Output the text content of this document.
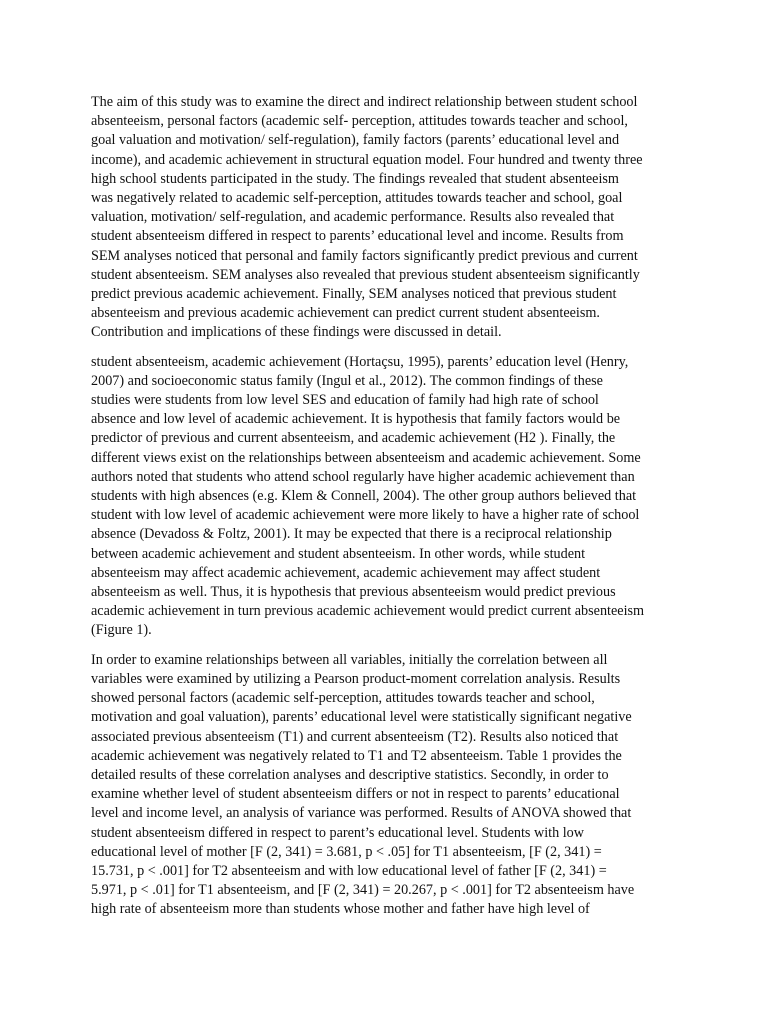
The aim of this study was to examine the direct and indirect relationship between student school
absenteeism, personal factors (academic self- perception, attitudes towards teacher and school,
goal valuation and motivation/ self-regulation), family factors (parents’ educational level and
income), and academic achievement in structural equation model. Four hundred and twenty three
high school students participated in the study. The findings revealed that student absenteeism
was negatively related to academic self-perception, attitudes towards teacher and school, goal
valuation, motivation/ self-regulation, and academic performance. Results also revealed that
student absenteeism differed in respect to parents’ educational level and income. Results from
SEM analyses noticed that personal and family factors significantly predict previous and current
student absenteeism. SEM analyses also revealed that previous student absenteeism significantly
predict previous academic achievement. Finally, SEM analyses noticed that previous student
absenteeism and previous academic achievement can predict current student absenteeism.
Contribution and implications of these findings were discussed in detail.

student absenteeism, academic achievement (Hortaçsu, 1995), parents’ education level (Henry,
2007) and socioeconomic status family (Ingul et al., 2012). The common findings of these
studies were students from low level SES and education of family had high rate of school
absence and low level of academic achievement. It is hypothesis that family factors would be
predictor of previous and current absenteeism, and academic achievement (H2 ). Finally, the
different views exist on the relationships between absenteeism and academic achievement. Some
authors noted that students who attend school regularly have higher academic achievement than
students with high absences (e.g. Klem & Connell, 2004). The other group authors believed that
student with low level of academic achievement were more likely to have a higher rate of school
absence (Devadoss & Foltz, 2001). It may be expected that there is a reciprocal relationship
between academic achievement and student absenteeism. In other words, while student
absenteeism may affect academic achievement, academic achievement may affect student
absenteeism as well. Thus, it is hypothesis that previous absenteeism would predict previous
academic achievement in turn previous academic achievement would predict current absenteeism
(Figure 1).

In order to examine relationships between all variables, initially the correlation between all
variables were examined by utilizing a Pearson product-moment correlation analysis. Results
showed personal factors (academic self-perception, attitudes towards teacher and school,
motivation and goal valuation), parents’ educational level were statistically significant negative
associated previous absenteeism (T1) and current absenteeism (T2). Results also noticed that
academic achievement was negatively related to T1 and T2 absenteeism. Table 1 provides the
detailed results of these correlation analyses and descriptive statistics. Secondly, in order to
examine whether level of student absenteeism differs or not in respect to parents’ educational
level and income level, an analysis of variance was performed. Results of ANOVA showed that
student absenteeism differed in respect to parent’s educational level. Students with low
educational level of mother [F (2, 341) = 3.681, p < .05] for T1 absenteeism, [F (2, 341) =
15.731, p < .001] for T2 absenteeism and with low educational level of father [F (2, 341) =
5.971, p < .01] for T1 absenteeism, and [F (2, 341) = 20.267, p < .001] for T2 absenteeism have
high rate of absenteeism more than students whose mother and father have high level of
